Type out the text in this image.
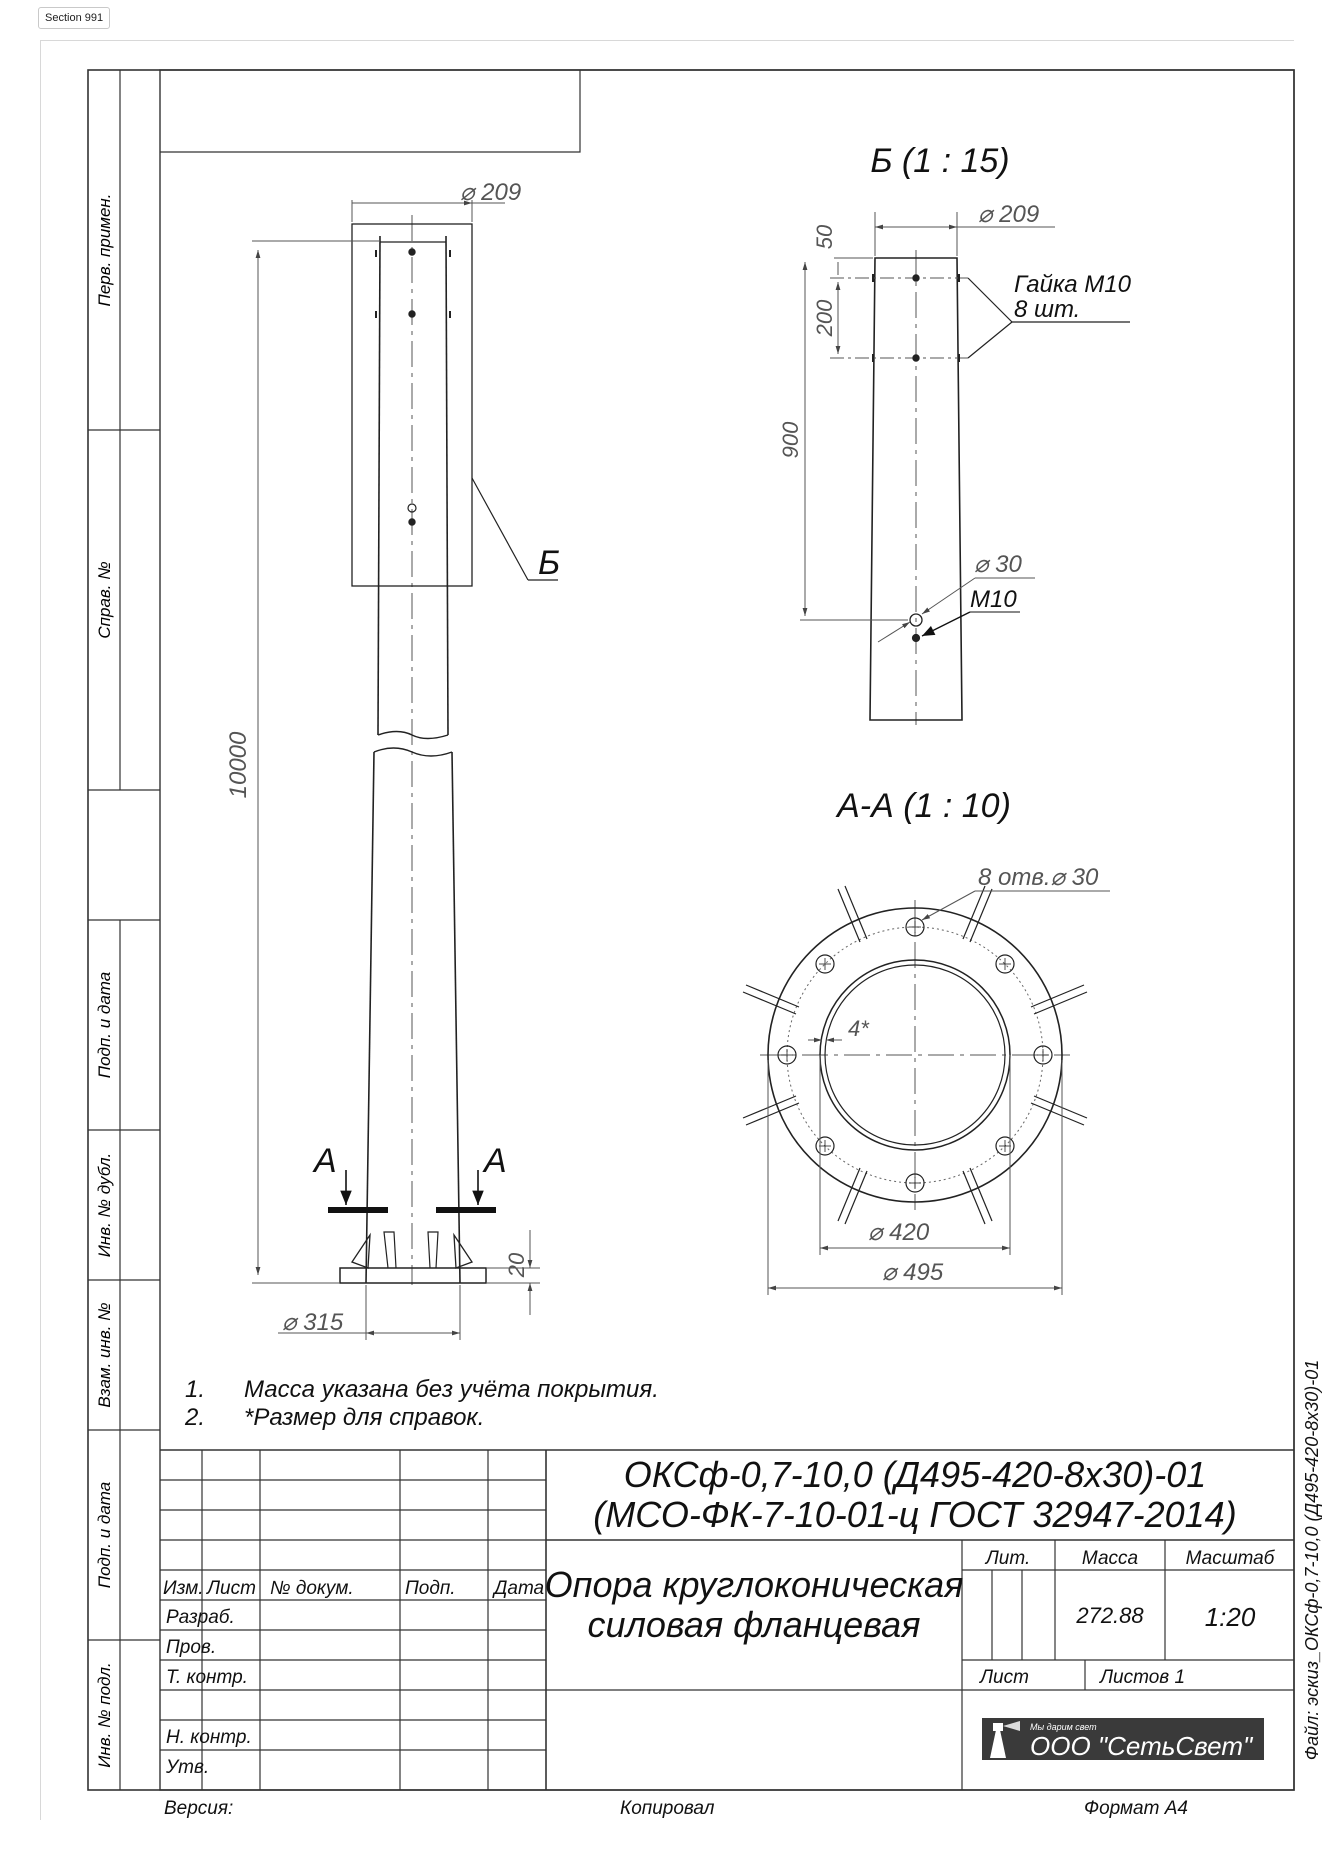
Section 991
Перв. примен.
Справ. №
Подп. и дата
Инв. № дубл.
Взам. инв. №
Подп. и дата
Инв. № подл.
⌀ 209
10000
⌀ 315
20
Б
А	А
Б (1 : 15)
⌀ 209
50
200
900
⌀ 30
М10
Гайка М10
8 шт.
А-А (1 : 10)
8 отв.⌀ 30
4*
⌀ 420
⌀ 495
1. Масса указана без учёта покрытия.
2. *Размер для справок.
ОКСф-0,7-10,0 (Д495-420-8х30)-01
(МСО-ФК-7-10-01-ц ГОСТ 32947-2014)
Опора круглоконическая
силовая фланцевая
Изм. Лист № докум.	Подп. Дата
Разраб.
Пров.
Т. контр.
Н. контр.
Утв.
Лит.	Масса	Масштаб
272.88 1:20
Лист	Листов 1
Мы дарим свет
ООО "СетьСвет"
Версия:	Копировал	Формат А4
Файл: эскиз_ОКСф-0,7-10,0 (Д495-420-8х30)-01
